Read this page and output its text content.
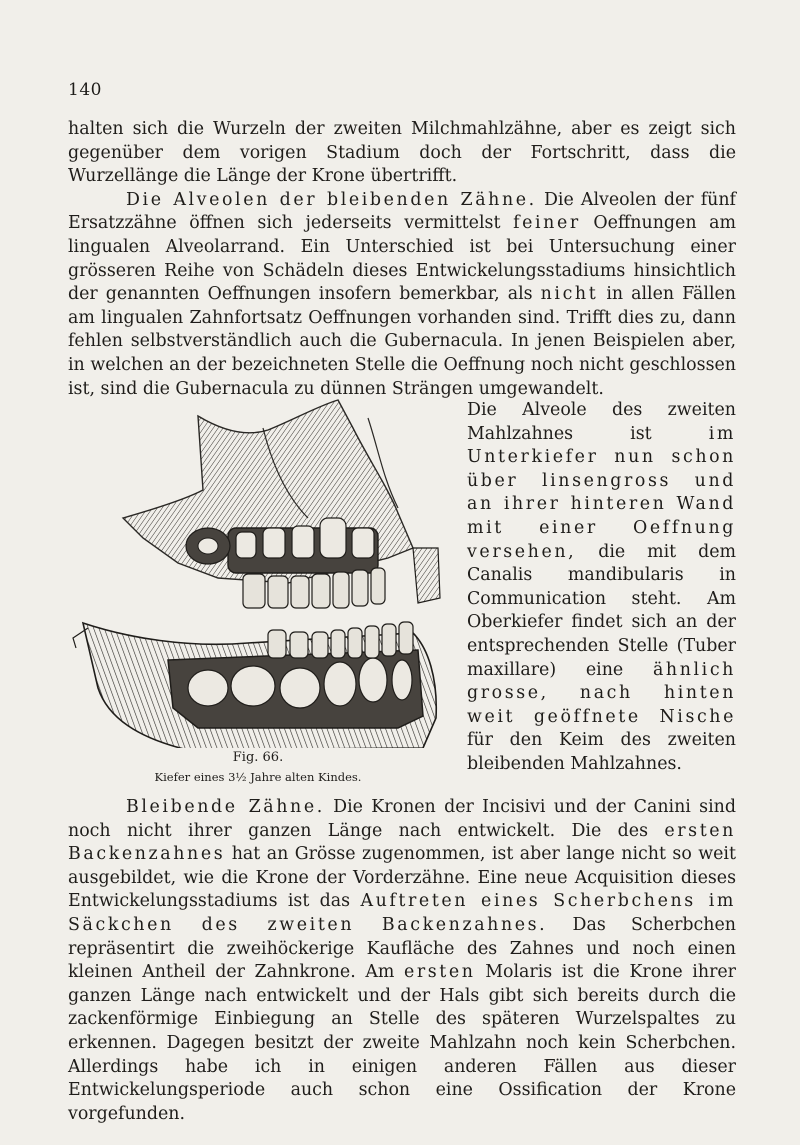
140

halten sich die Wurzeln der zweiten Milchmahlzähne, aber es zeigt sich gegenüber dem vorigen Stadium doch der Fortschritt, dass die Wurzellänge die Länge der Krone übertrifft.
Die Alveolen der bleibenden Zähne. Die Alveolen der fünf Ersatzzähne öffnen sich jederseits vermittelst feiner Oeffnungen am lingualen Alveolarrand. Ein Unterschied ist bei Untersuchung einer grösseren Reihe von Schädeln dieses Entwickelungsstadiums hinsichtlich der genannten Oeffnungen insofern bemerkbar, als nicht in allen Fällen am lingualen Zahnfortsatz Oeffnungen vorhanden sind. Trifft dies zu, dann fehlen selbstverständlich auch die Gubernacula. In jenen Beispielen aber, in welchen an der bezeichneten Stelle die Oeffnung noch nicht geschlossen ist, sind die Gubernacula zu dünnen Strängen umgewandelt.

Fig. 66.
Kiefer eines 3½ Jahre alten Kindes.

Die Alveole des zweiten Mahlzahnes ist im Unterkiefer nun schon über linsengross und an ihrer hinteren Wand mit einer Oeffnung versehen, die mit dem Canalis mandibularis in Communication steht. Am Oberkiefer findet sich an der entsprechenden Stelle (Tuber maxillare) eine ähnlich grosse, nach hinten weit geöffnete Nische für den Keim des zweiten bleibenden Mahlzahnes.

Bleibende Zähne. Die Kronen der Incisivi und der Canini sind noch nicht ihrer ganzen Länge nach entwickelt. Die des ersten Backenzahnes hat an Grösse zugenommen, ist aber lange nicht so weit ausgebildet, wie die Krone der Vorderzähne. Eine neue Acquisition dieses Entwickelungsstadiums ist das Auftreten eines Scherbchens im Säckchen des zweiten Backenzahnes. Das Scherbchen repräsentirt die zweihöckerige Kaufläche des Zahnes und noch einen kleinen Antheil der Zahnkrone. Am ersten Molaris ist die Krone ihrer ganzen Länge nach entwickelt und der Hals gibt sich bereits durch die zackenförmige Einbiegung an Stelle des späteren Wurzelspaltes zu erkennen. Dagegen besitzt der zweite Mahlzahn noch kein Scherbchen. Allerdings habe ich in einigen anderen Fällen aus dieser Entwickelungsperiode auch schon eine Ossification der Krone vorgefunden.
